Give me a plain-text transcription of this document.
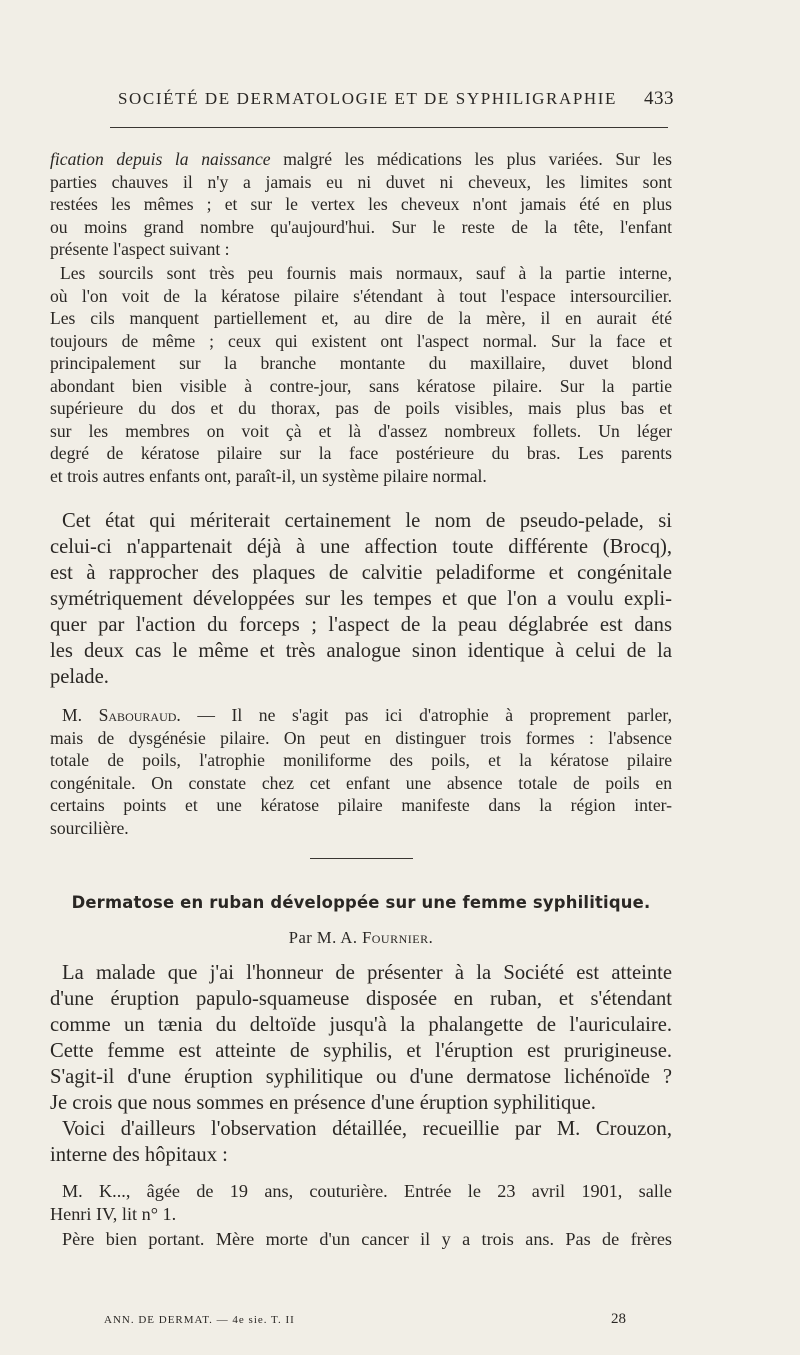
SOCIÉTÉ DE DERMATOLOGIE ET DE SYPHILIGRAPHIE 433
fication depuis la naissance malgré les médications les plus variées. Sur les
parties chauves il n'y a jamais eu ni duvet ni cheveux, les limites sont
restées les mêmes ; et sur le vertex les cheveux n'ont jamais été en plus
ou moins grand nombre qu'aujourd'hui. Sur le reste de la tête, l'enfant
présente l'aspect suivant :
Les sourcils sont très peu fournis mais normaux, sauf à la partie interne,
où l'on voit de la kératose pilaire s'étendant à tout l'espace intersourcilier.
Les cils manquent partiellement et, au dire de la mère, il en aurait été
toujours de même ; ceux qui existent ont l'aspect normal. Sur la face et
principalement sur la branche montante du maxillaire, duvet blond
abondant bien visible à contre-jour, sans kératose pilaire. Sur la partie
supérieure du dos et du thorax, pas de poils visibles, mais plus bas et
sur les membres on voit çà et là d'assez nombreux follets. Un léger
degré de kératose pilaire sur la face postérieure du bras. Les parents
et trois autres enfants ont, paraît-il, un système pilaire normal.
Cet état qui mériterait certainement le nom de pseudo-pelade, si
celui-ci n'appartenait déjà à une affection toute différente (Brocq),
est à rapprocher des plaques de calvitie peladiforme et congénitale
symétriquement développées sur les tempes et que l'on a voulu expli-
quer par l'action du forceps ; l'aspect de la peau déglabrée est dans
les deux cas le même et très analogue sinon identique à celui de la
pelade.
M. Sabouraud. — Il ne s'agit pas ici d'atrophie à proprement parler,
mais de dysgénésie pilaire. On peut en distinguer trois formes : l'absence
totale de poils, l'atrophie moniliforme des poils, et la kératose pilaire
congénitale. On constate chez cet enfant une absence totale de poils en
certains points et une kératose pilaire manifeste dans la région inter-
sourcilière.
Dermatose en ruban développée sur une femme syphilitique.
Par M. A. Fournier.
La malade que j'ai l'honneur de présenter à la Société est atteinte
d'une éruption papulo-squameuse disposée en ruban, et s'étendant
comme un tænia du deltoïde jusqu'à la phalangette de l'auriculaire.
Cette femme est atteinte de syphilis, et l'éruption est prurigineuse.
S'agit-il d'une éruption syphilitique ou d'une dermatose lichénoïde ?
Je crois que nous sommes en présence d'une éruption syphilitique.
Voici d'ailleurs l'observation détaillée, recueillie par M. Crouzon,
interne des hôpitaux :
M. K..., âgée de 19 ans, couturière. Entrée le 23 avril 1901, salle
Henri IV, lit n° 1.
Père bien portant. Mère morte d'un cancer il y a trois ans. Pas de frères
ANN. DE DERMAT. — 4e sie. T. II	28
